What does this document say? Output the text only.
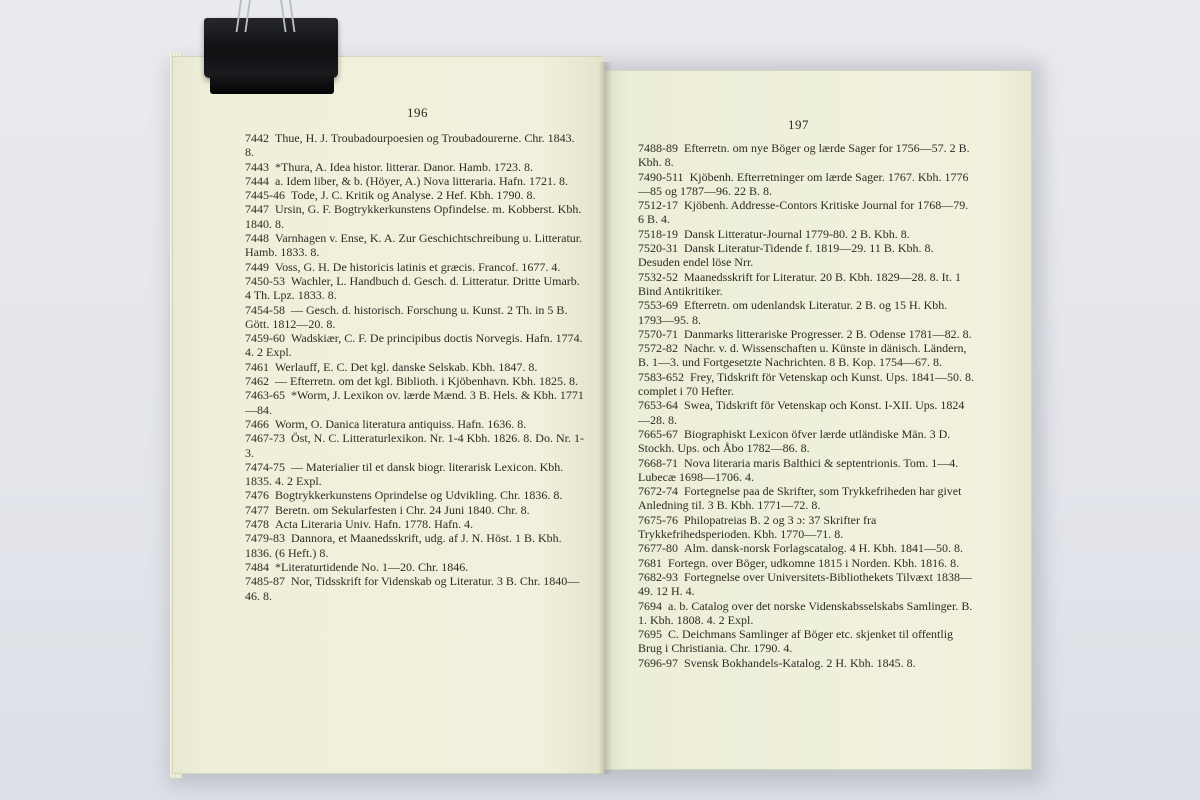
196
7442 Thue, H. J. Troubadourpoesien og Troubadourerne. Chr. 1843. 8.
7443 *Thura, A. Idea histor. litterar. Danor. Hamb. 1723. 8.
7444 a. Idem liber, & b. (Höyer, A.) Nova litteraria. Hafn. 1721. 8.
7445-46 Tode, J. C. Kritik og Analyse. 2 Hef. Kbh. 1790. 8.
7447 Ursin, G. F. Bogtrykkerkunstens Opfindelse. m. Kobberst. Kbh. 1840. 8.
7448 Varnhagen v. Ense, K. A. Zur Geschichtschreibung u. Litteratur. Hamb. 1833. 8.
7449 Voss, G. H. De historicis latinis et græcis. Francof. 1677. 4.
7450-53 Wachler, L. Handbuch d. Gesch. d. Litteratur. Dritte Umarb. 4 Th. Lpz. 1833. 8.
7454-58 — Gesch. d. historisch. Forschung u. Kunst. 2 Th. in 5 B. Gött. 1812—20. 8.
7459-60 Wadskiær, C. F. De principibus doctis Norvegis. Hafn. 1774. 4. 2 Expl.
7461 Werlauff, E. C. Det kgl. danske Selskab. Kbh. 1847. 8.
7462 — Efterretn. om det kgl. Biblioth. i Kjöbenhavn. Kbh. 1825. 8.
7463-65 *Worm, J. Lexikon ov. lærde Mænd. 3 B. Hels. & Kbh. 1771—84.
7466 Worm, O. Danica literatura antiquiss. Hafn. 1636. 8.
7467-73 Öst, N. C. Litteraturlexikon. Nr. 1-4 Kbh. 1826. 8. Do. Nr. 1-3.
7474-75 — Materialier til et dansk biogr. literarisk Lexicon. Kbh. 1835. 4. 2 Expl.
7476 Bogtrykkerkunstens Oprindelse og Udvikling. Chr. 1836. 8.
7477 Beretn. om Sekularfesten i Chr. 24 Juni 1840. Chr. 8.
7478 Acta Literaria Univ. Hafn. 1778. Hafn. 4.
7479-83 Dannora, et Maanedsskrift, udg. af J. N. Höst. 1 B. Kbh. 1836. (6 Heft.) 8.
7484 *Literaturtidende No. 1—20. Chr. 1846.
7485-87 Nor, Tidsskrift for Videnskab og Literatur. 3 B. Chr. 1840—46. 8.
197
7488-89 Efterretn. om nye Böger og lærde Sager for 1756—57. 2 B. Kbh. 8.
7490-511 Kjöbenh. Efterretninger om lærde Sager. 1767. Kbh. 1776—85 og 1787—96. 22 B. 8.
7512-17 Kjöbenh. Addresse-Contors Kritiske Journal for 1768—79. 6 B. 4.
7518-19 Dansk Litteratur-Journal 1779-80. 2 B. Kbh. 8.
7520-31 Dansk Literatur-Tidende f. 1819—29. 11 B. Kbh. 8. Desuden endel löse Nrr.
7532-52 Maanedsskrift for Literatur. 20 B. Kbh. 1829—28. 8. It. 1 Bind Antikritiker.
7553-69 Efterretn. om udenlandsk Literatur. 2 B. og 15 H. Kbh. 1793—95. 8.
7570-71 Danmarks litterariske Progresser. 2 B. Odense 1781—82. 8.
7572-82 Nachr. v. d. Wissenschaften u. Künste in dänisch. Ländern, B. 1—3. und Fortgesetzte Nachrichten. 8 B. Kop. 1754—67. 8.
7583-652 Frey, Tidskrift för Vetenskap och Kunst. Ups. 1841—50. 8. complet i 70 Hefter.
7653-64 Swea, Tidskrift för Vetenskap och Konst. I-XII. Ups. 1824—28. 8.
7665-67 Biographiskt Lexicon öfver lærde utländiske Män. 3 D. Stockh. Ups. och Åbo 1782—86. 8.
7668-71 Nova literaria maris Balthici & septentrionis. Tom. 1—4. Lubecæ 1698—1706. 4.
7672-74 Fortegnelse paa de Skrifter, som Trykkefriheden har givet Anledning til. 3 B. Kbh. 1771—72. 8.
7675-76 Philopatreias B. 2 og 3 ɔ: 37 Skrifter fra Trykkefrihedsperioden. Kbh. 1770—71. 8.
7677-80 Alm. dansk-norsk Forlagscatalog. 4 H. Kbh. 1841—50. 8.
7681 Fortegn. over Böger, udkomne 1815 i Norden. Kbh. 1816. 8.
7682-93 Fortegnelse over Universitets-Bibliothekets Tilvæxt 1838—49. 12 H. 4.
7694 a. b. Catalog over det norske Videnskabsselskabs Samlinger. B. 1. Kbh. 1808. 4. 2 Expl.
7695 C. Deichmans Samlinger af Böger etc. skjenket til offentlig Brug i Christiania. Chr. 1790. 4.
7696-97 Svensk Bokhandels-Katalog. 2 H. Kbh. 1845. 8.
